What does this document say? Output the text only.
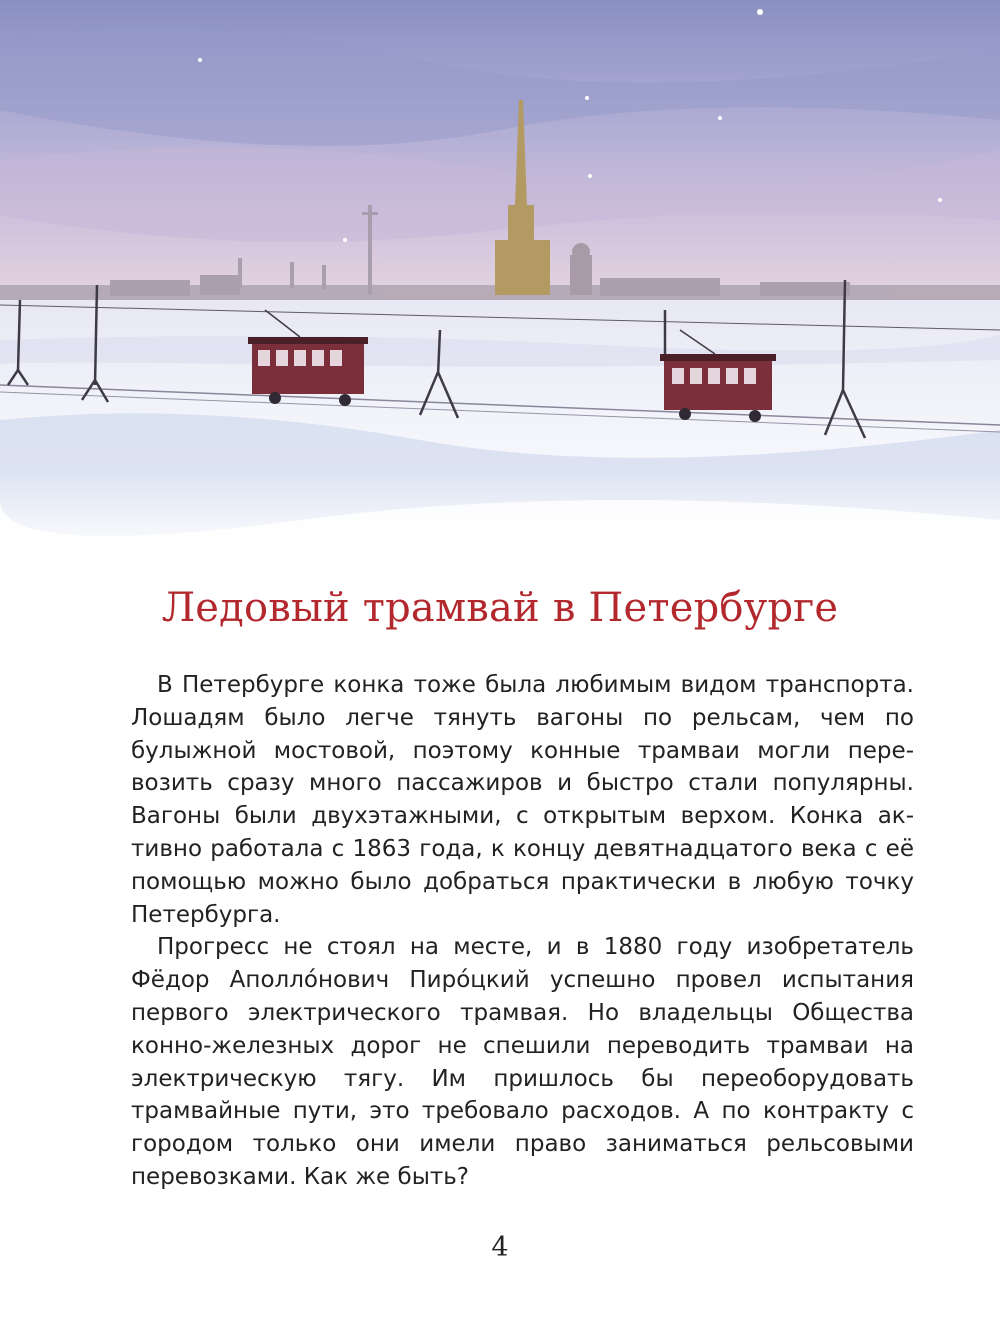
Ледовый трамвай в Петербурге

В Петербурге конка тоже была любимым видом транспорта. Лошадям было легче тянуть вагоны по рельсам, чем по булыжной мостовой, поэтому конные трамваи могли перевозить сразу много пассажиров и быстро стали популярны. Вагоны были двухэтажными, с открытым верхом. Конка активно работала с 1863 года, к концу девятнадцатого века с её помощью можно было добраться практически в любую точку Петербурга.

Прогресс не стоял на месте, и в 1880 году изобретатель Фёдор Аполло́нович Пиро́цкий успешно провел испытания первого электрического трамвая. Но владельцы Общества конно-железных дорог не спешили переводить трамваи на электрическую тягу. Им пришлось бы переоборудовать трамвайные пути, это требовало расходов. А по контракту с городом только они имели право заниматься рельсовыми перевозками. Как же быть?

4
